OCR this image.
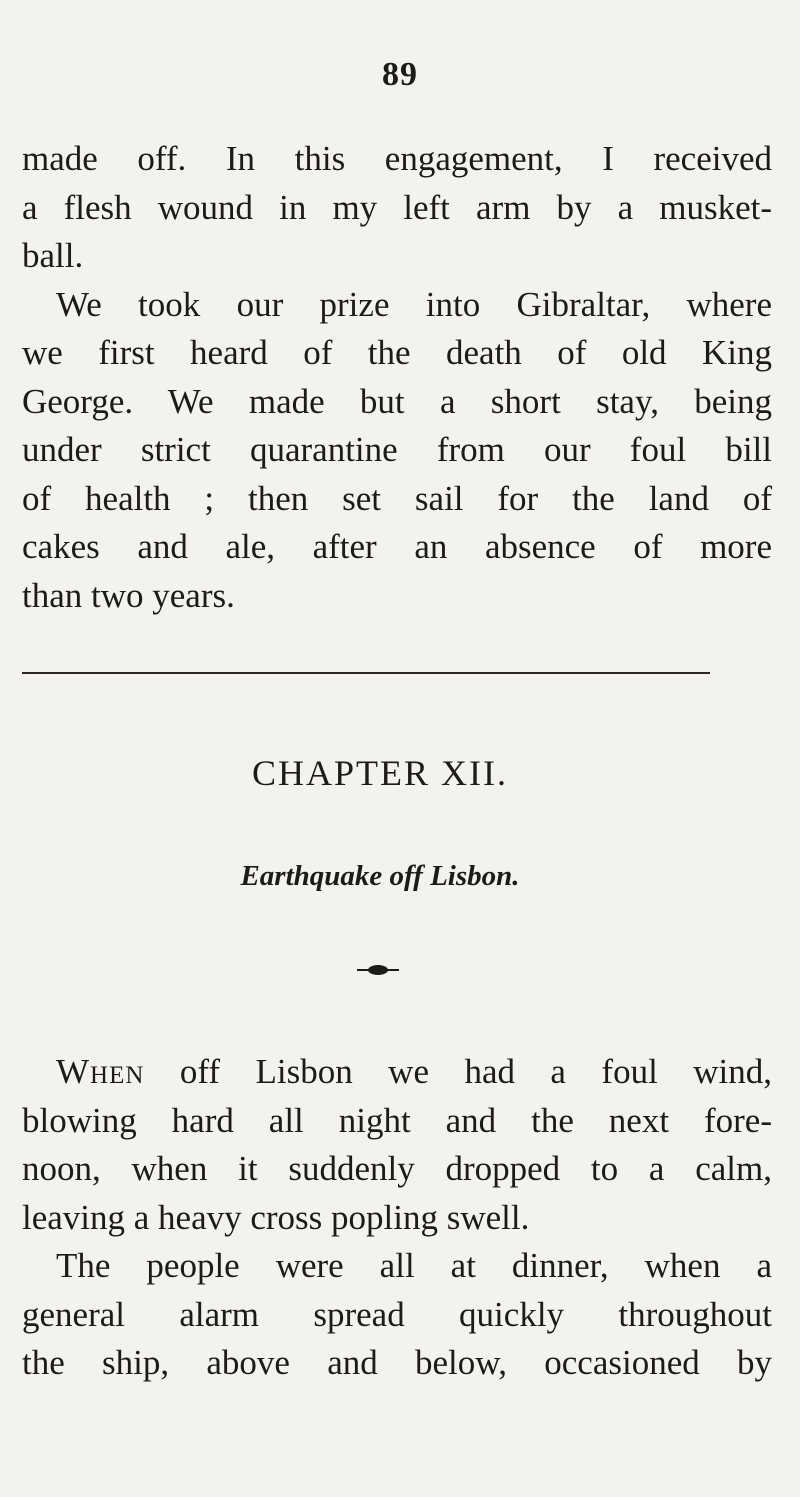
89
made off. In this engagement, I received
a flesh wound in my left arm by a musket-
ball.
We took our prize into Gibraltar, where
we first heard of the death of old King
George. We made but a short stay, being
under strict quarantine from our foul bill
of health ; then set sail for the land of
cakes and ale, after an absence of more
than two years.
CHAPTER XII.
Earthquake off Lisbon.
When off Lisbon we had a foul wind,
blowing hard all night and the next fore-
noon, when it suddenly dropped to a calm,
leaving a heavy cross popling swell.
The people were all at dinner, when a
general alarm spread quickly throughout
the ship, above and below, occasioned by
